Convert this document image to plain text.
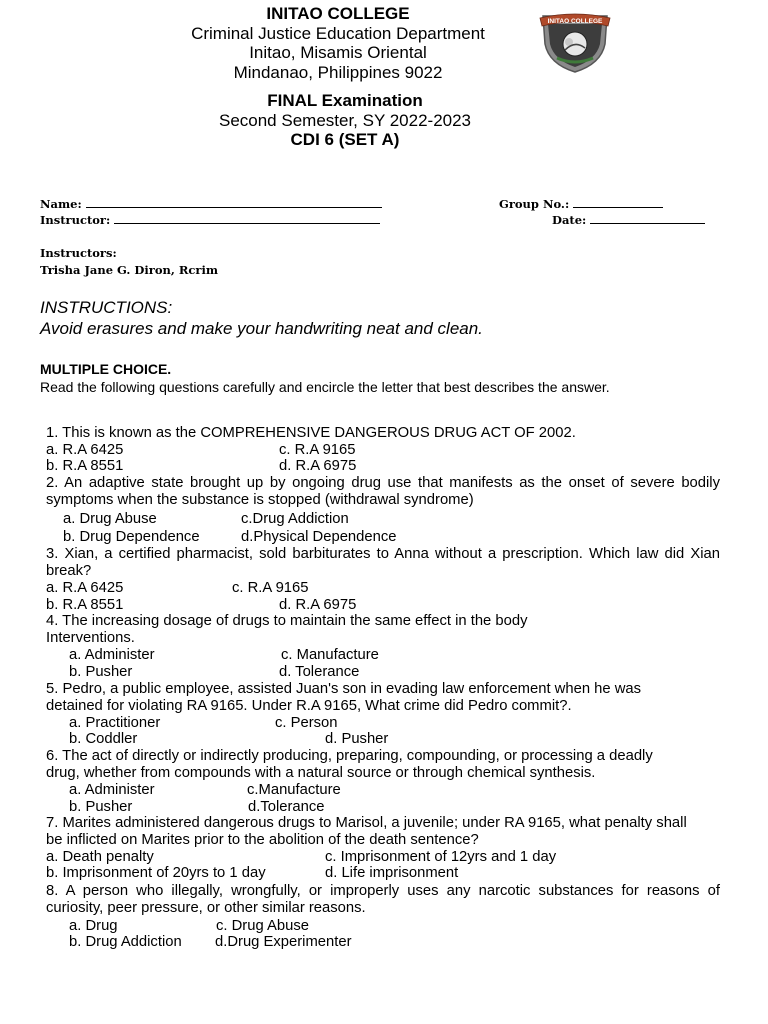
INITAO COLLEGE
Criminal Justice Education Department
Initao, Misamis Oriental
Mindanao, Philippines 9022
INITAO COLLEGE
FINAL Examination
Second Semester, SY 2022-2023
CDI 6 (SET A)
Name:
Instructor:
Group No.:
Date:
Instructors:
Trisha Jane G. Diron, Rcrim
INSTRUCTIONS:
Avoid erasures and make your handwriting neat and clean.
MULTIPLE CHOICE.
Read the following questions carefully and encircle the letter that best describes the answer.
1. This is known as the COMPREHENSIVE DANGEROUS DRUG ACT OF 2002.
a. R.A 6425	c. R.A 9165
b. R.A 8551	d. R.A 6975
2. An adaptive state brought up by ongoing drug use that manifests as the onset of severe bodily symptoms when the substance is stopped (withdrawal syndrome)
a. Drug Abuse	c.Drug Addiction
b. Drug Dependence	d.Physical Dependence
3. Xian, a certified pharmacist, sold barbiturates to Anna without a prescription. Which law did Xian break?
a. R.A 6425	c. R.A 9165
b. R.A 8551	d. R.A 6975
4. The increasing dosage of drugs to maintain the same effect in the body
Interventions.
a. Administer	c. Manufacture
b. Pusher	d. Tolerance
5. Pedro, a public employee, assisted Juan's son in evading law enforcement when he was
detained for violating RA 9165. Under R.A 9165, What crime did Pedro commit?.
a. Practitioner	c. Person
b. Coddler	d. Pusher
6. The act of directly or indirectly producing, preparing, compounding, or processing a deadly
drug, whether from compounds with a natural source or through chemical synthesis.
a. Administer	c.Manufacture
b. Pusher	d.Tolerance
7. Marites administered dangerous drugs to Marisol, a juvenile; under RA 9165, what penalty shall
be inflicted on Marites prior to the abolition of the death sentence?
a. Death penalty	c. Imprisonment of 12yrs and 1 day
b. Imprisonment of 20yrs to 1 day	d. Life imprisonment
8. A person who illegally, wrongfully, or improperly uses any narcotic substances for reasons of curiosity, peer pressure, or other similar reasons.
a. Drug	c. Drug Abuse
b. Drug Addiction d.Drug Experimenter
